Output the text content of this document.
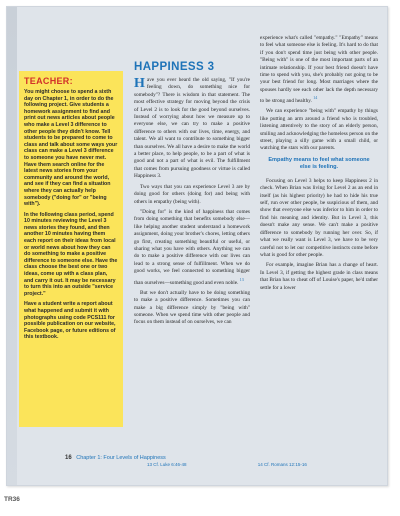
TEACHER:

You might choose to spend a sixth day on Chapter 1, in order to do the following project. Give students a homework assignment to find and print out news articles about people who make a Level 3 difference to other people they didn't know. Tell students to be prepared to come to class and talk about some ways your class can make a Level 3 difference to someone you have never met. Have them search online for the latest news stories from your community and around the world, and see if they can find a situation where they can actually help somebody ("doing for" or "being with").

In the following class period, spend 10 minutes reviewing the Level 3 news stories they found, and then another 10 minutes having them each report on their ideas from local or world news about how they can do something to make a positive difference to someone else. Have the class choose the best one or two ideas, come up with a class plan, and carry it out. It may be necessary to turn this into an outside "service project."

Have a student write a report about what happened and submit it with photographs using code PCS111 for possible publication on our website, Facebook page, or future editions of this textbook.

HAPPINESS 3

Have you ever heard the old saying, "If you're feeling down, do something nice for somebody"? There is wisdom in that statement. The most effective strategy for moving beyond the crisis of Level 2 is to look for the good beyond ourselves. Instead of worrying about how we measure up to everyone else, we can try to make a positive difference to others with our lives, time, energy, and talent. We all want to contribute to something bigger than ourselves. We all have a desire to make the world a better place, to help people, to be a part of what is good and not a part of what is evil. The fulfillment that comes from pursuing goodness or virtue is called Happiness 3.

Two ways that you can experience Level 3 are by doing good for others (doing for) and being with others in empathy (being with).

"Doing for" is the kind of happiness that comes from doing something that benefits somebody else—like helping another student understand a homework assignment, doing your brother's chores, letting others go first, creating something beautiful or useful, or sharing what you have with others. Anything we can do to make a positive difference with our lives can lead to a strong sense of fulfillment. When we do good works, we feel connected to something bigger than ourselves—something good and even noble. $^{13}$

But we don't actually have to be doing something to make a positive difference. Sometimes you can make a big difference simply by "being with" someone. When we spend time with other people and focus on them instead of on ourselves, we can

experience what's called "empathy." "Empathy" means to feel what someone else is feeling. It's hard to do that if you don't spend time just being with other people. "Being with" is one of the most important parts of an intimate relationship. If your best friend doesn't have time to spend with you, she's probably not going to be your best friend for long. Most marriages where the spouses hardly see each other lack the depth necessary to be strong and healthy. $^{14}$

We can experience "being with" empathy by things like putting an arm around a friend who is troubled, listening attentively to the story of an elderly person, smiling and acknowledging the homeless person on the street, playing a silly game with a small child, or watching the stars with our parents.

Empathy means to feel what someone else is feeling.

Focusing on Level 3 helps to keep Happiness 2 in check. When Brian was living for Level 2 as an end in itself (as his highest priority) he had to hide his true self, run over other people, be suspicious of them, and show that everyone else was inferior to him in order to find his meaning and identity. But in Level 3, this doesn't make any sense. We can't make a positive difference to somebody by running her over. So, if what we really want is Level 3, we have to be very careful not to let our competitive instincts come before what is good for other people.

For example, imagine Brian has a change of heart. In Level 3, if getting the highest grade in class means that Brian has to cheat off of Louise's paper, he'd rather settle for a lower

16 Chapter 1: Four Levels of Happiness
13 Cf. Luke 6:46-48	14 Cf. Romans 12:15-16
TR36
